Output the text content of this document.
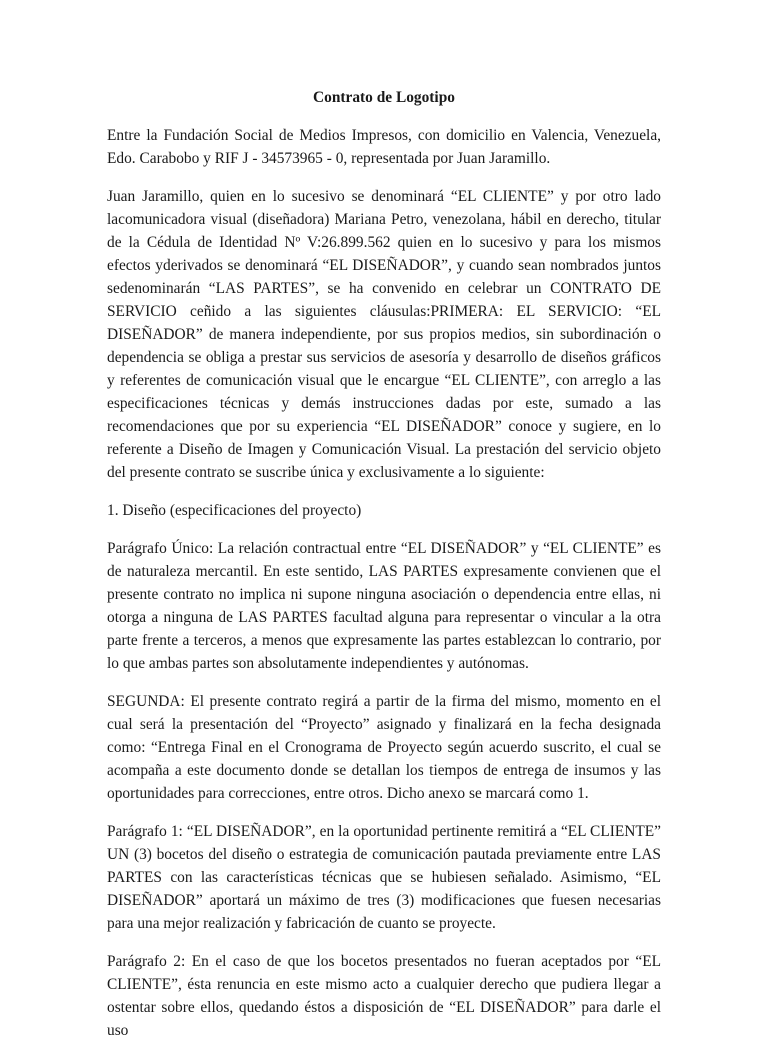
Contrato de Logotipo

Entre la Fundación Social de Medios Impresos, con domicilio en Valencia, Venezuela, Edo. Carabobo y RIF J - 34573965 - 0, representada por Juan Jaramillo.

Juan Jaramillo, quien en lo sucesivo se denominará “EL CLIENTE” y por otro lado lacomunicadora visual (diseñadora) Mariana Petro, venezolana, hábil en derecho, titular de la Cédula de Identidad Nº V:26.899.562 quien en lo sucesivo y para los mismos efectos yderivados se denominará “EL DISEÑADOR”, y cuando sean nombrados juntos sedenominarán “LAS PARTES”, se ha convenido en celebrar un CONTRATO DE SERVICIO ceñido a las siguientes cláusulas:PRIMERA: EL SERVICIO: “EL DISEÑADOR” de manera independiente, por sus propios medios, sin subordinación o dependencia se obliga a prestar sus servicios de asesoría y desarrollo de diseños gráficos y referentes de comunicación visual que le encargue “EL CLIENTE”, con arreglo a las especificaciones técnicas y demás instrucciones dadas por este, sumado a las recomendaciones que por su experiencia “EL DISEÑADOR” conoce y sugiere, en lo referente a Diseño de Imagen y Comunicación Visual. La prestación del servicio objeto del presente contrato se suscribe única y exclusivamente a lo siguiente:

1. Diseño (especificaciones del proyecto)

Parágrafo Único: La relación contractual entre “EL DISEÑADOR” y “EL CLIENTE” es de naturaleza mercantil. En este sentido, LAS PARTES expresamente convienen que el presente contrato no implica ni supone ninguna asociación o dependencia entre ellas, ni otorga a ninguna de LAS PARTES facultad alguna para representar o vincular a la otra parte frente a terceros, a menos que expresamente las partes establezcan lo contrario, por lo que ambas partes son absolutamente independientes y autónomas.

SEGUNDA: El presente contrato regirá a partir de la firma del mismo, momento en el cual será la presentación del “Proyecto” asignado y finalizará en la fecha designada como: “Entrega Final en el Cronograma de Proyecto según acuerdo suscrito, el cual se acompaña a este documento donde se detallan los tiempos de entrega de insumos y las oportunidades para correcciones, entre otros. Dicho anexo se marcará como 1.

Parágrafo 1: “EL DISEÑADOR”, en la oportunidad pertinente remitirá a “EL CLIENTE” UN (3) bocetos del diseño o estrategia de comunicación pautada previamente entre LAS PARTES con las características técnicas que se hubiesen señalado. Asimismo, “EL DISEÑADOR” aportará un máximo de tres (3) modificaciones que fuesen necesarias para una mejor realización y fabricación de cuanto se proyecte.

Parágrafo 2: En el caso de que los bocetos presentados no fueran aceptados por “EL CLIENTE”, ésta renuncia en este mismo acto a cualquier derecho que pudiera llegar a ostentar sobre ellos, quedando éstos a disposición de “EL DISEÑADOR” para darle el uso
